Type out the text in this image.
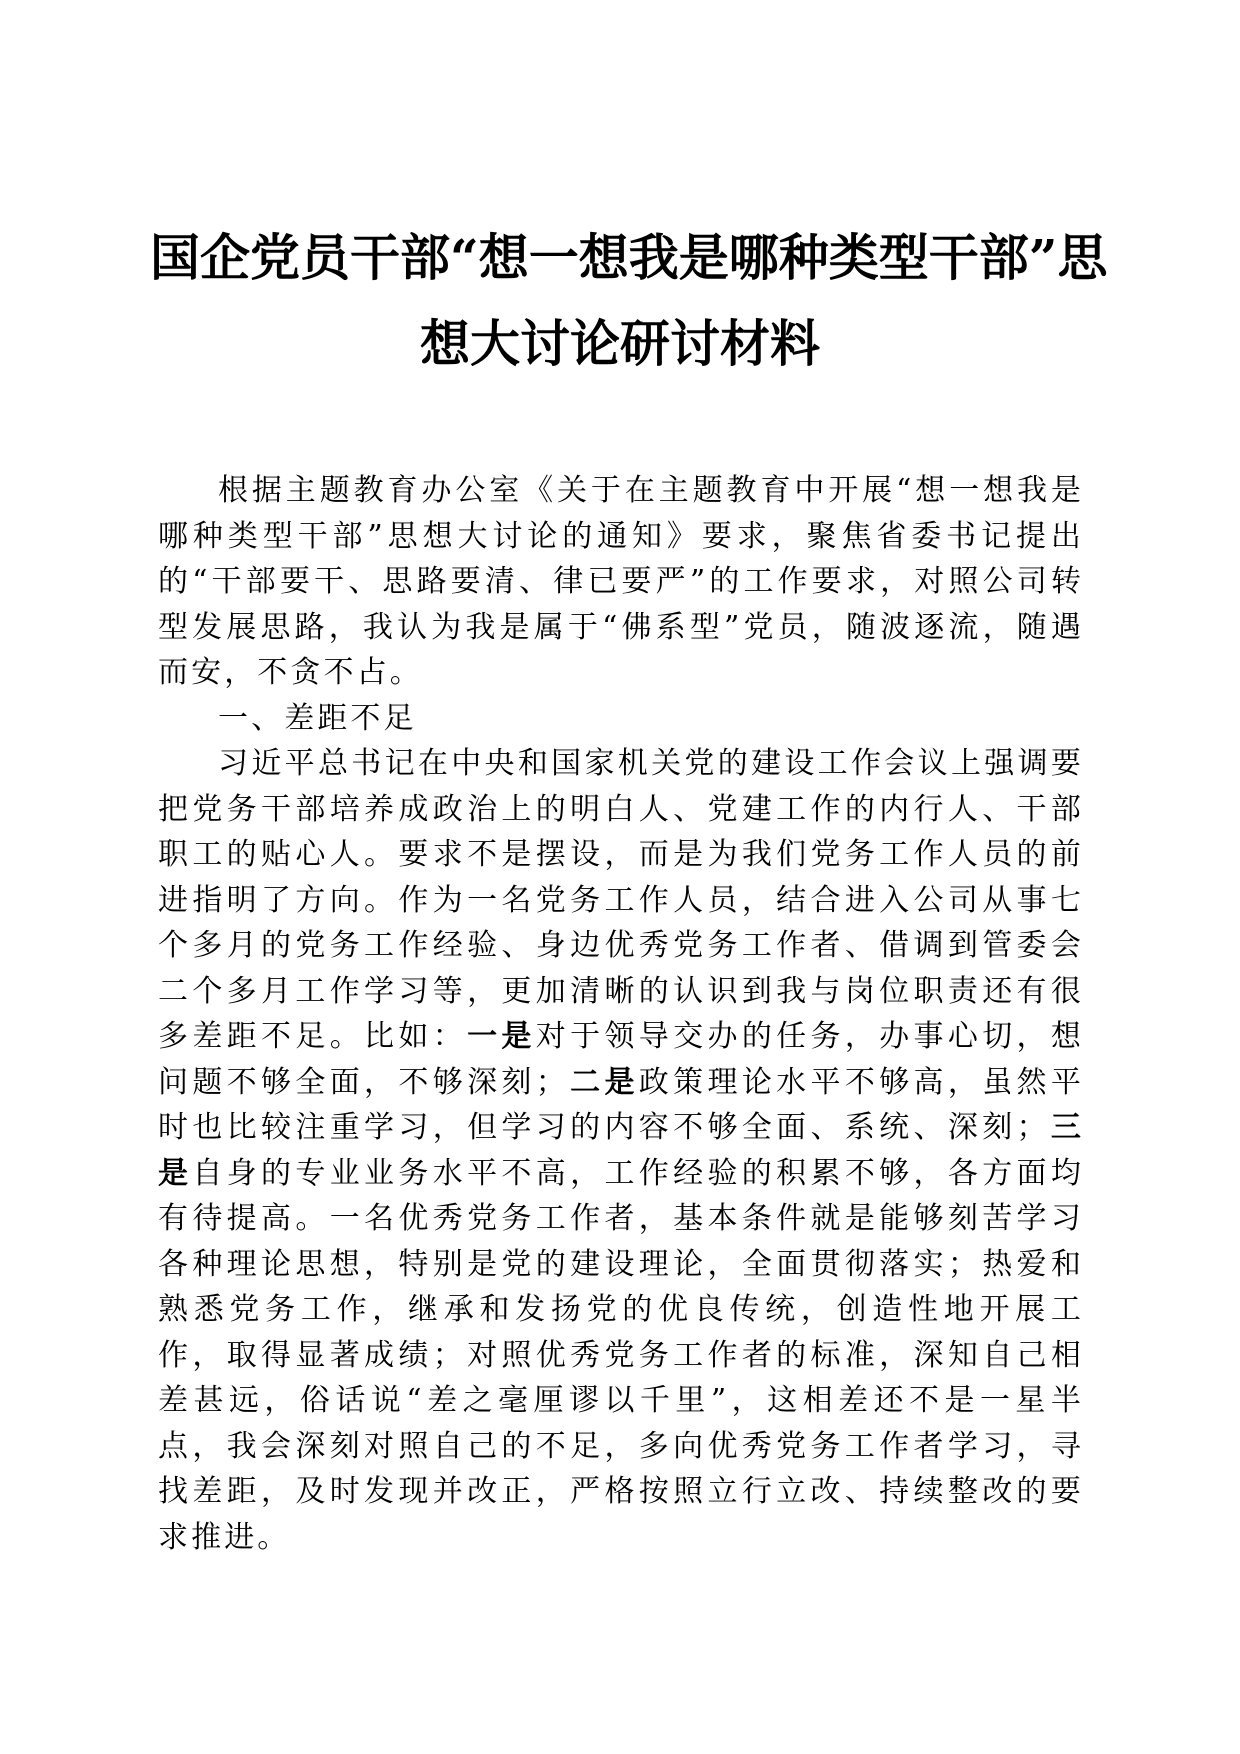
国企党员干部“想一想我是哪种类型干部”思
想大讨论研讨材料

根据主题教育办公室《关于在主题教育中开展“想一想我是哪种类型干部”思想大讨论的通知》要求，聚焦省委书记提出的“干部要干、思路要清、律已要严”的工作要求，对照公司转型发展思路，我认为我是属于“佛系型”党员，随波逐流，随遇而安，不贪不占。

一、差距不足

习近平总书记在中央和国家机关党的建设工作会议上强调要把党务干部培养成政治上的明白人、党建工作的内行人、干部职工的贴心人。要求不是摆设，而是为我们党务工作人员的前进指明了方向。作为一名党务工作人员，结合进入公司从事七个多月的党务工作经验、身边优秀党务工作者、借调到管委会二个多月工作学习等，更加清晰的认识到我与岗位职责还有很多差距不足。比如：一是对于领导交办的任务，办事心切，想问题不够全面，不够深刻；二是政策理论水平不够高，虽然平时也比较注重学习，但学习的内容不够全面、系统、深刻；三是自身的专业业务水平不高，工作经验的积累不够，各方面均有待提高。一名优秀党务工作者，基本条件就是能够刻苦学习各种理论思想，特别是党的建设理论，全面贯彻落实；热爱和熟悉党务工作，继承和发扬党的优良传统，创造性地开展工作，取得显著成绩；对照优秀党务工作者的标准，深知自己相差甚远，俗话说“差之毫厘谬以千里”，这相差还不是一星半点，我会深刻对照自己的不足，多向优秀党务工作者学习，寻找差距，及时发现并改正，严格按照立行立改、持续整改的要求推进。
